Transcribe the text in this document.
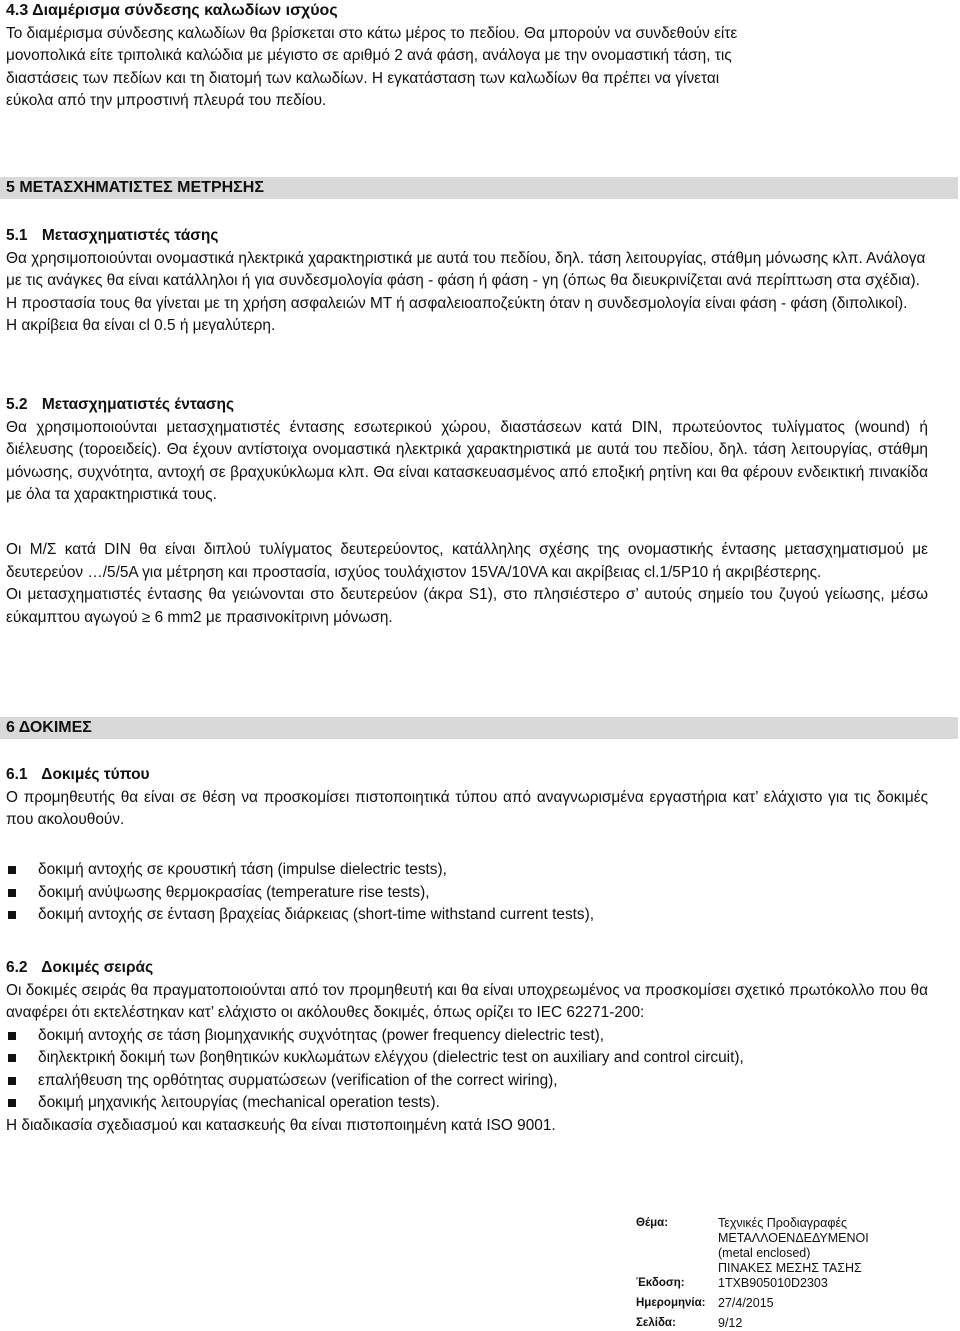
4.3 Διαμέρισμα σύνδεσης καλωδίων ισχύος
Το διαμέρισμα σύνδεσης καλωδίων θα βρίσκεται στο κάτω μέρος το πεδίου. Θα μπορούν να συνδεθούν είτε
μονοπολικά είτε τριπολικά καλώδια με μέγιστο σε αριθμό 2 ανά φάση, ανάλογα με την ονομαστική τάση, τις
διαστάσεις των πεδίων και τη διατομή των καλωδίων. Η εγκατάσταση των καλωδίων θα πρέπει να γίνεται
εύκολα από την μπροστινή πλευρά του πεδίου.
5 ΜΕΤΑΣΧΗΜΑΤΙΣΤΕΣ ΜΕΤΡΗΣΗΣ
5.1 Μετασχηματιστές τάσης

Θα χρησιμοποιούνται ονομαστικά ηλεκτρικά χαρακτηριστικά με αυτά του πεδίου, δηλ. τάση λειτουργίας, στάθμη μόνωσης κλπ. Ανάλογα με τις ανάγκες θα είναι κατάλληλοι ή για συνδεσμολογία φάση - φάση ή φάση - γη (όπως θα διευκρινίζεται ανά περίπτωση στα σχέδια). Η προστασία τους θα γίνεται με τη χρήση ασφαλειών ΜΤ ή ασφαλειοαποζεύκτη όταν η συνδεσμολογία είναι φάση - φάση (διπολικοί).

Η ακρίβεια θα είναι cl 0.5 ή μεγαλύτερη.

5.2 Μετασχηματιστές έντασης

Θα χρησιμοποιούνται μετασχηματιστές έντασης εσωτερικού χώρου, διαστάσεων κατά DIN, πρωτεύοντος τυλίγματος (wound) ή διέλευσης (τοροειδείς). Θα έχουν αντίστοιχα ονομαστικά ηλεκτρικά χαρακτηριστικά με αυτά του πεδίου, δηλ. τάση λειτουργίας, στάθμη μόνωσης, συχνότητα, αντοχή σε βραχυκύκλωμα κλπ. Θα είναι κατασκευασμένος από εποξική ρητίνη και θα φέρουν ενδεικτική πινακίδα με όλα τα χαρακτηριστικά τους.

Οι Μ/Σ κατά DIN θα είναι διπλού τυλίγματος δευτερεύοντος, κατάλληλης σχέσης της ονομαστικής έντασης μετασχηματισμού με δευτερεύον …/5/5A για μέτρηση και προστασία, ισχύος τουλάχιστον 15VA/10VA και ακρίβειας cl.1/5P10 ή ακριβέστερης.

Οι μετασχηματιστές έντασης θα γειώνονται στο δευτερεύον (άκρα S1), στο πλησιέστερο σ’ αυτούς σημείο του ζυγού γείωσης, μέσω εύκαμπτου αγωγού ≥ 6 mm2 με πρασινοκίτρινη μόνωση.

6 ΔΟΚΙΜΕΣ
6.1 Δοκιμές τύπου

Ο προμηθευτής θα είναι σε θέση να προσκομίσει πιστοποιητικά τύπου από αναγνωρισμένα εργαστήρια κατ’ ελάχιστο για τις δοκιμές που ακολουθούν.

δοκιμή αντοχής σε κρουστική τάση (impulse dielectric tests),
δοκιμή ανύψωσης θερμοκρασίας (temperature rise tests),
δοκιμή αντοχής σε ένταση βραχείας διάρκειας (short-time withstand current tests),
6.2 Δοκιμές σειράς

Οι δοκιμές σειράς θα πραγματοποιούνται από τον προμηθευτή και θα είναι υποχρεωμένος να προσκομίσει σχετικό πρωτόκολλο που θα αναφέρει ότι εκτελέστηκαν κατ’ ελάχιστο οι ακόλουθες δοκιμές, όπως ορίζει το IEC 62271-200:

δοκιμή αντοχής σε τάση βιομηχανικής συχνότητας (power frequency dielectric test),
διηλεκτρική δοκιμή των βοηθητικών κυκλωμάτων ελέγχου (dielectric test on auxiliary and control circuit),
επαλήθευση της ορθότητας συρματώσεων (verification of the correct wiring),
δοκιμή μηχανικής λειτουργίας (mechanical operation tests).

Η διαδικασία σχεδιασμού και κατασκευής θα είναι πιστοποιημένη κατά ISO 9001.

Θέμα:	Τεχνικές Προδιαγραφές
ΜΕΤΑΛΛΟΕΝΔΕΔΥΜΕΝΟΙ
(metal enclosed)
ΠΙΝΑΚΕΣ ΜΕΣΗΣ ΤΑΣΗΣ
Έκδοση:	1TXB905010D2303
Ημερομηνία:	27/4/2015
Σελίδα:	9/12
